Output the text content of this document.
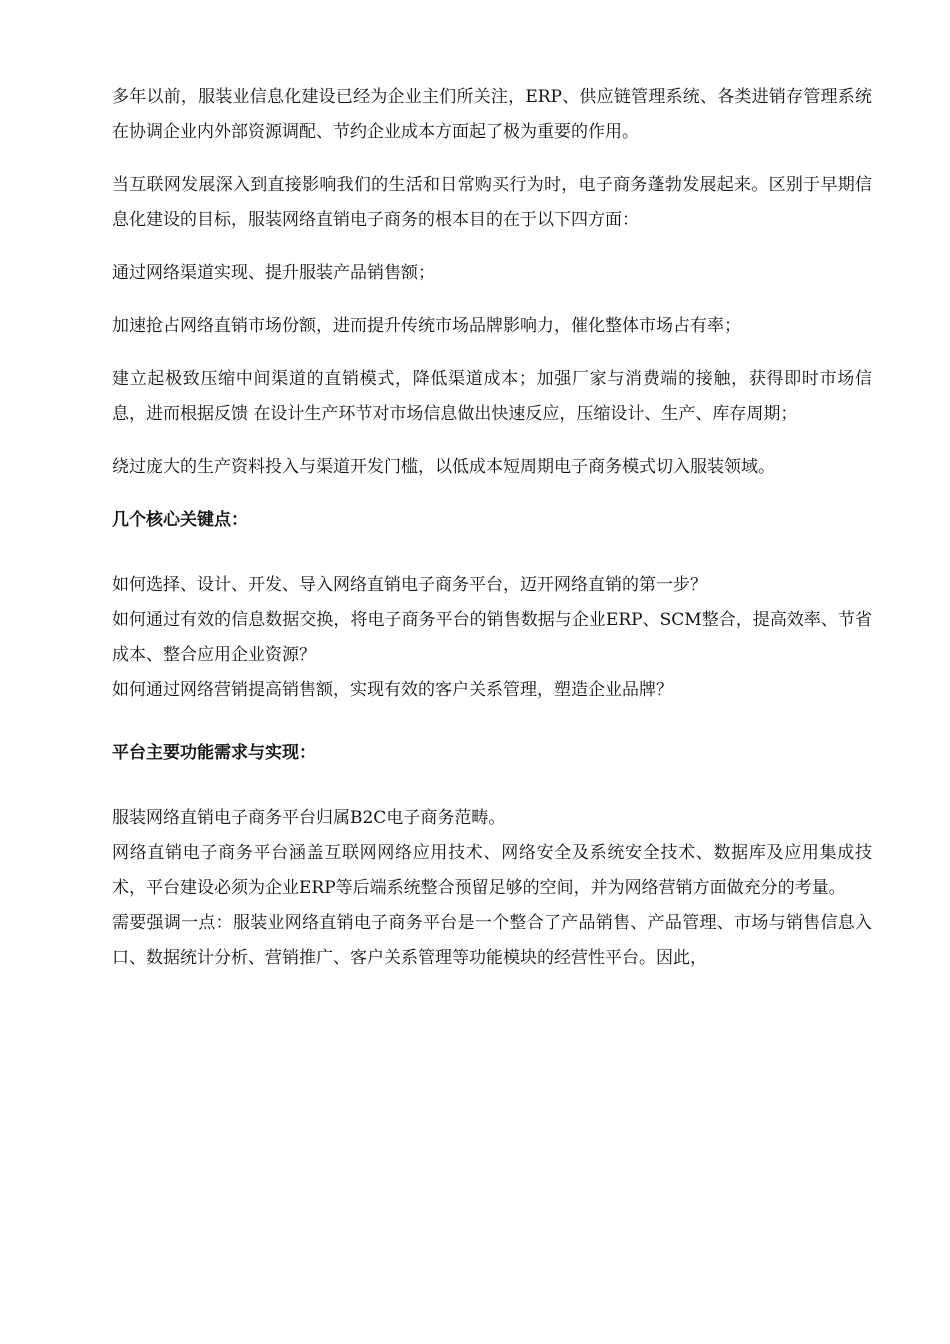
多年以前，服装业信息化建设已经为企业主们所关注，ERP、供应链管理系统、各类进销存管理系统在协调企业内外部资源调配、节约企业成本方面起了极为重要的作用。

当互联网发展深入到直接影响我们的生活和日常购买行为时，电子商务蓬勃发展起来。区别于早期信息化建设的目标，服装网络直销电子商务的根本目的在于以下四方面：

通过网络渠道实现、提升服装产品销售额；

加速抢占网络直销市场份额，进而提升传统市场品牌影响力，催化整体市场占有率；

建立起极致压缩中间渠道的直销模式，降低渠道成本；加强厂家与消费端的接触，获得即时市场信息，进而根据反馈 在设计生产环节对市场信息做出快速反应，压缩设计、生产、库存周期；

绕过庞大的生产资料投入与渠道开发门槛，以低成本短周期电子商务模式切入服装领域。

几个核心关键点：

如何选择、设计、开发、导入网络直销电子商务平台，迈开网络直销的第一步？

如何通过有效的信息数据交换，将电子商务平台的销售数据与企业ERP、SCM整合，提高效率、节省成本、整合应用企业资源？

如何通过网络营销提高销售额，实现有效的客户关系管理，塑造企业品牌？

平台主要功能需求与实现：

服装网络直销电子商务平台归属B2C电子商务范畴。

网络直销电子商务平台涵盖互联网网络应用技术、网络安全及系统安全技术、数据库及应用集成技术，平台建设必须为企业ERP等后端系统整合预留足够的空间，并为网络营销方面做充分的考量。

需要强调一点：服装业网络直销电子商务平台是一个整合了产品销售、产品管理、市场与销售信息入口、数据统计分析、营销推广、客户关系管理等功能模块的经营性平台。因此，
